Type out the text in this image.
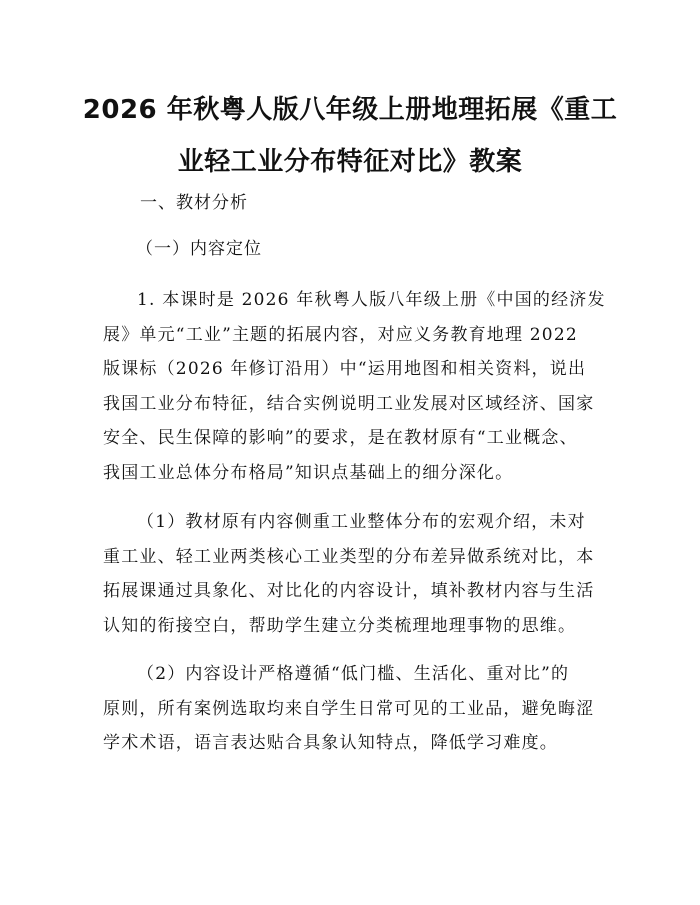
2026 年秋粤人版八年级上册地理拓展《重工
业轻工业分布特征对比》教案
一、教材分析
（一）内容定位
1. 本课时是 2026 年秋粤人版八年级上册《中国的经济发
展》单元“工业”主题的拓展内容，对应义务教育地理 2022
版课标（2026 年修订沿用）中“运用地图和相关资料，说出
我国工业分布特征，结合实例说明工业发展对区域经济、国家
安全、民生保障的影响”的要求，是在教材原有“工业概念、
我国工业总体分布格局”知识点基础上的细分深化。
（1）教材原有内容侧重工业整体分布的宏观介绍，未对
重工业、轻工业两类核心工业类型的分布差异做系统对比，本
拓展课通过具象化、对比化的内容设计，填补教材内容与生活
认知的衔接空白，帮助学生建立分类梳理地理事物的思维。
（2）内容设计严格遵循“低门槛、生活化、重对比”的
原则，所有案例选取均来自学生日常可见的工业品，避免晦涩
学术术语，语言表达贴合具象认知特点，降低学习难度。
